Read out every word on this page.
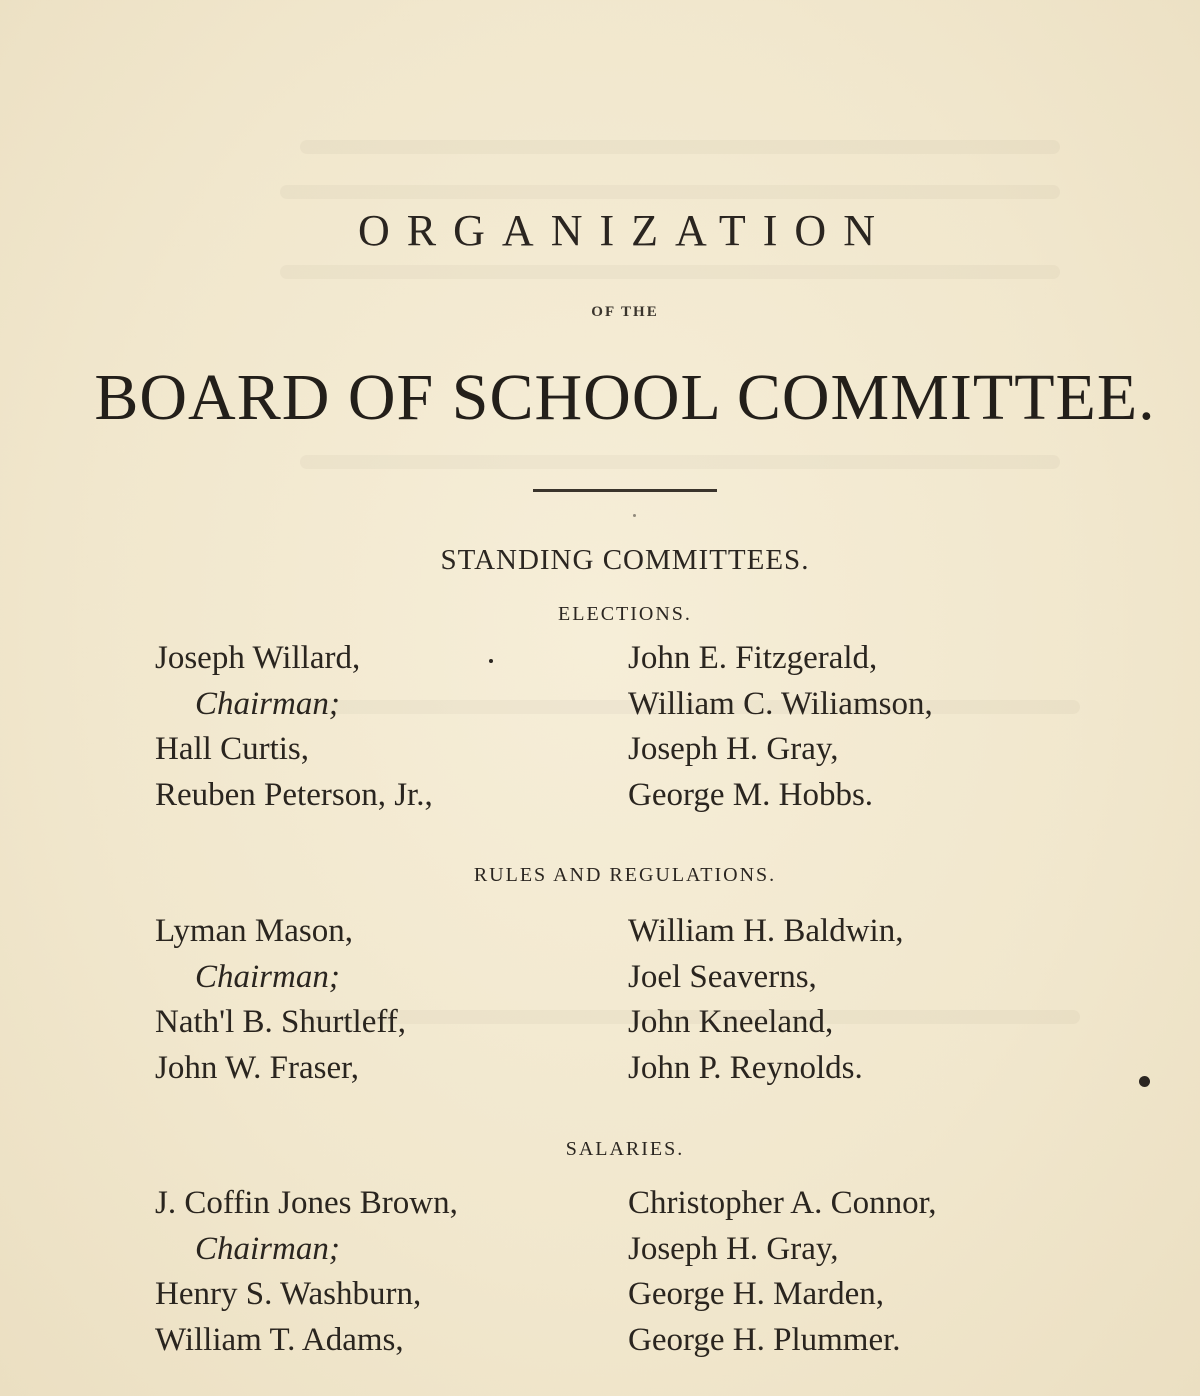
ORGANIZATION
OF THE
BOARD OF SCHOOL COMMITTEE.
STANDING COMMITTEES.
ELECTIONS.
Joseph Willard,
Chairman;
Hall Curtis,
Reuben Peterson, Jr.,
John E. Fitzgerald,
William C. Wiliamson,
Joseph H. Gray,
George M. Hobbs.
RULES AND REGULATIONS.
Lyman Mason,
Chairman;
Nath'l B. Shurtleff,
John W. Fraser,
William H. Baldwin,
Joel Seaverns,
John Kneeland,
John P. Reynolds.
SALARIES.
J. Coffin Jones Brown,
Chairman;
Henry S. Washburn,
William T. Adams,
Christopher A. Connor,
Joseph H. Gray,
George H. Marden,
George H. Plummer.
